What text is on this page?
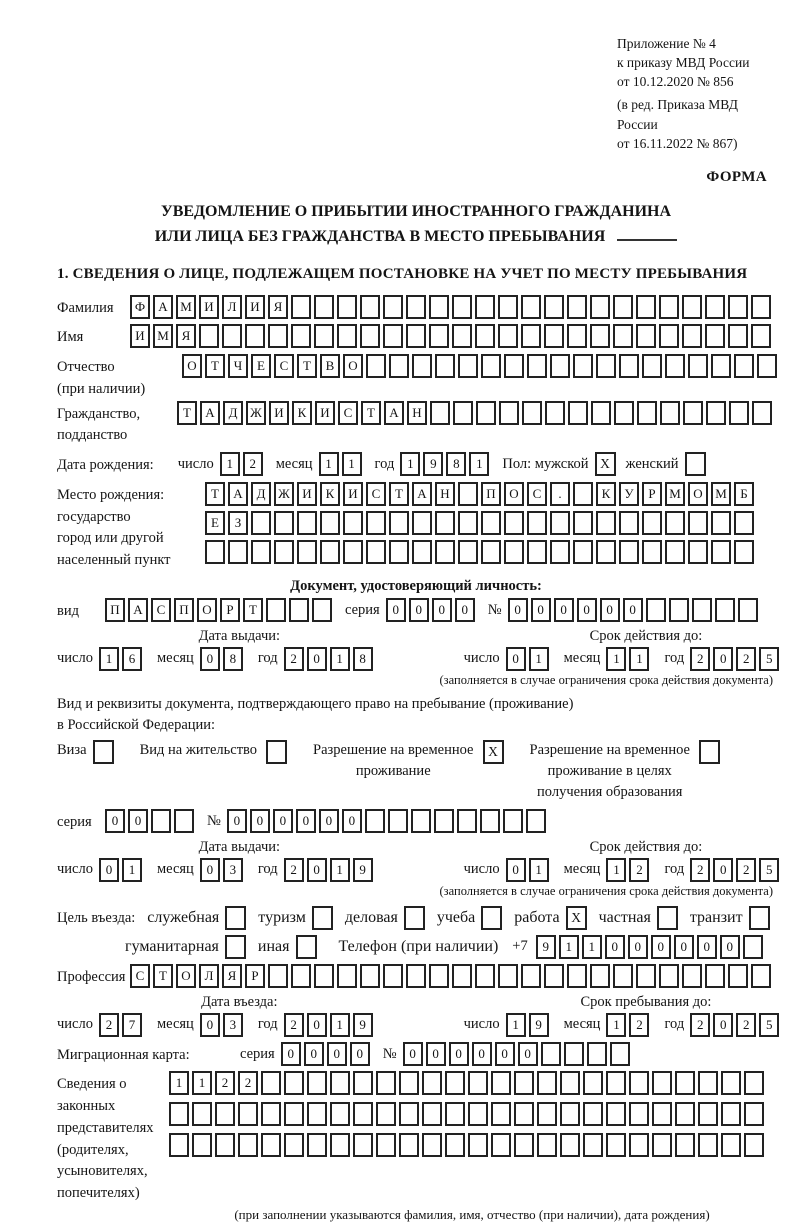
Приложение № 4
к приказу МВД России
от 10.12.2020 № 856
(в ред. Приказа МВД России
от 16.11.2022 № 867)
ФОРМА
УВЕДОМЛЕНИЕ О ПРИБЫТИИ ИНОСТРАННОГО ГРАЖДАНИНА
ИЛИ ЛИЦА БЕЗ ГРАЖДАНСТВА В МЕСТО ПРЕБЫВАНИЯ
1. СВЕДЕНИЯ О ЛИЦЕ, ПОДЛЕЖАЩЕМ ПОСТАНОВКЕ НА УЧЕТ ПО МЕСТУ ПРЕБЫВАНИЯ
Фамилия	Ф	А М И	Л	И	Я
Имя	И М Я
Отчество
(при наличии)
О	Т	Ч	Е	С	Т	В	О
Гражданство,
подданство
Т	А	Д Ж И	К	И	С	Т	А	Н
Дата рождения: число 1	2	месяц 1	1	год 1	9	8	1	Пол: мужской X	женский
Место рождения:
государство
город или другой
населенный пункт
Т	А	Д Ж И	К	И	С	Т	А	Н	П	О	С	.	К	У	Р	М О М	Б
Е	З
Документ, удостоверяющий личность:
вид	П	А	С	П	О	Р	Т	серия 0	0	0	0	№ 0	0	0	0	0	0
Дата выдачи:
число 1	6	месяц 0	8	год 2	0	1	8
Срок действия до:
число 0	1	месяц 1	1	год 2	0	2	5
(заполняется в случае ограничения срока действия документа)
Вид и реквизиты документа, подтверждающего право на пребывание (проживание)
в Российской Федерации:
Виза	Вид на жительство	Разрешение на временное
проживание
X	Разрешение на временное
проживание в целях
получения образования
серия	0	0	№ 0	0	0	0	0	0
Дата выдачи:
число 0	1	месяц 0	3	год 2	0	1	9
Срок действия до:
число 0	1	месяц 1	2	год 2	0	2	5
(заполняется в случае ограничения срока действия документа)
Цель въезда: служебная туризм деловая учеба работа X	частная транзит
гуманитарная иная	Телефон (при наличии) +7	9	1	1	0	0	0	0	0	0
Профессия С	Т	О	Л	Я	Р
Дата въезда:
число 2	7	месяц 0	3	год 2	0	1	9
Срок пребывания до:
число 1	9	месяц 1	2	год 2	0	2	5
Миграционная карта:	серия 0	0	0	0	№ 0	0	0	0	0	0
Сведения о
законных
представителях
(родителях,
усыновителях,
попечителях)
1	1	2	2
(при заполнении указываются фамилия, имя, отчество (при наличии), дата рождения)
